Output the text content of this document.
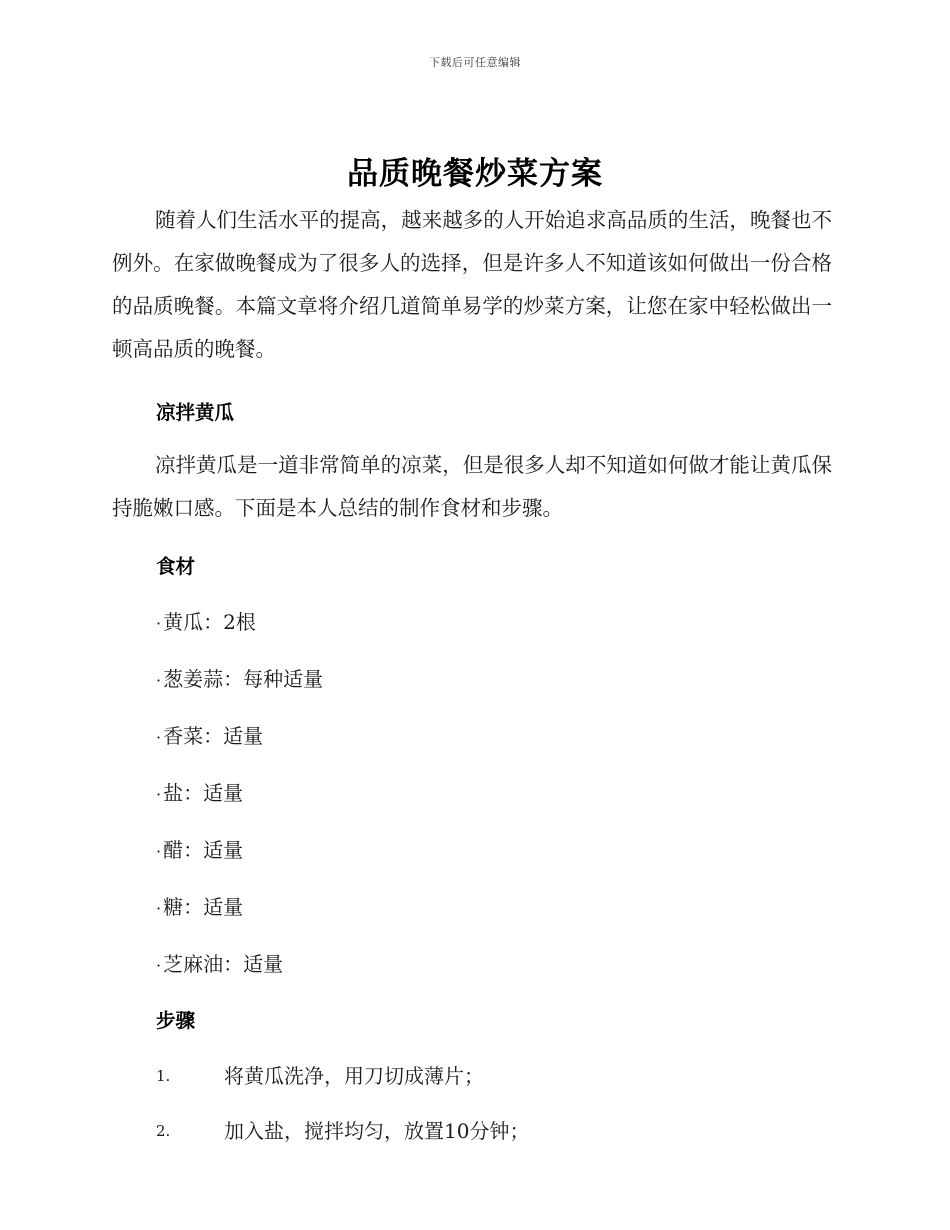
下载后可任意编辑
品质晚餐炒菜方案

随着人们生活水平的提高，越来越多的人开始追求高品质的生活，晚餐也不例外。在家做晚餐成为了很多人的选择，但是许多人不知道该如何做出一份合格的品质晚餐。本篇文章将介绍几道简单易学的炒菜方案，让您在家中轻松做出一顿高品质的晚餐。

凉拌黄瓜

凉拌黄瓜是一道非常简单的凉菜，但是很多人却不知道如何做才能让黄瓜保持脆嫩口感。下面是本人总结的制作食材和步骤。

食材
· 黄瓜：2根
· 葱姜蒜：每种适量
· 香菜：适量
· 盐：适量
· 醋：适量
· 糖：适量
· 芝麻油：适量
步骤
1.	将黄瓜洗净，用刀切成薄片；
2.	加入盐，搅拌均匀，放置10分钟；
